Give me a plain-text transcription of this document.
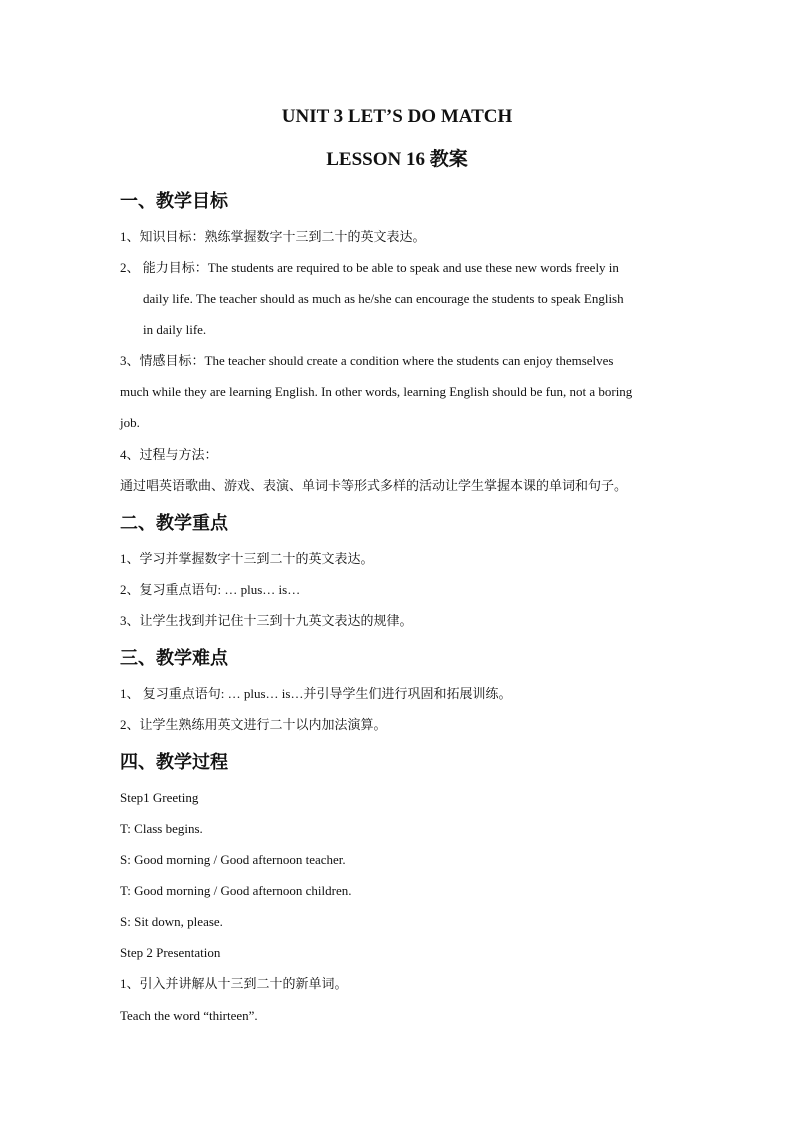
UNIT 3 LET’S DO MATCH
LESSON 16 教案
一、教学目标
1、知识目标：熟练掌握数字十三到二十的英文表达。
2、 能力目标：The students are required to be able to speak and use these new words freely in
daily life. The teacher should as much as he/she can encourage the students to speak English
in daily life.
3、情感目标：The teacher should create a condition where the students can enjoy themselves
much while they are learning English. In other words, learning English should be fun, not a boring
job.
4、过程与方法：
通过唱英语歌曲、游戏、表演、单词卡等形式多样的活动让学生掌握本课的单词和句子。
二、教学重点
1、学习并掌握数字十三到二十的英文表达。
2、复习重点语句: … plus… is…
3、让学生找到并记住十三到十九英文表达的规律。
三、教学难点
1、 复习重点语句: … plus… is…并引导学生们进行巩固和拓展训练。
2、让学生熟练用英文进行二十以内加法演算。
四、教学过程
Step1 Greeting
T: Class begins.
S: Good morning / Good afternoon teacher.
T: Good morning / Good afternoon children.
S: Sit down, please.
Step 2 Presentation
1、引入并讲解从十三到二十的新单词。
Teach the word “thirteen”.
